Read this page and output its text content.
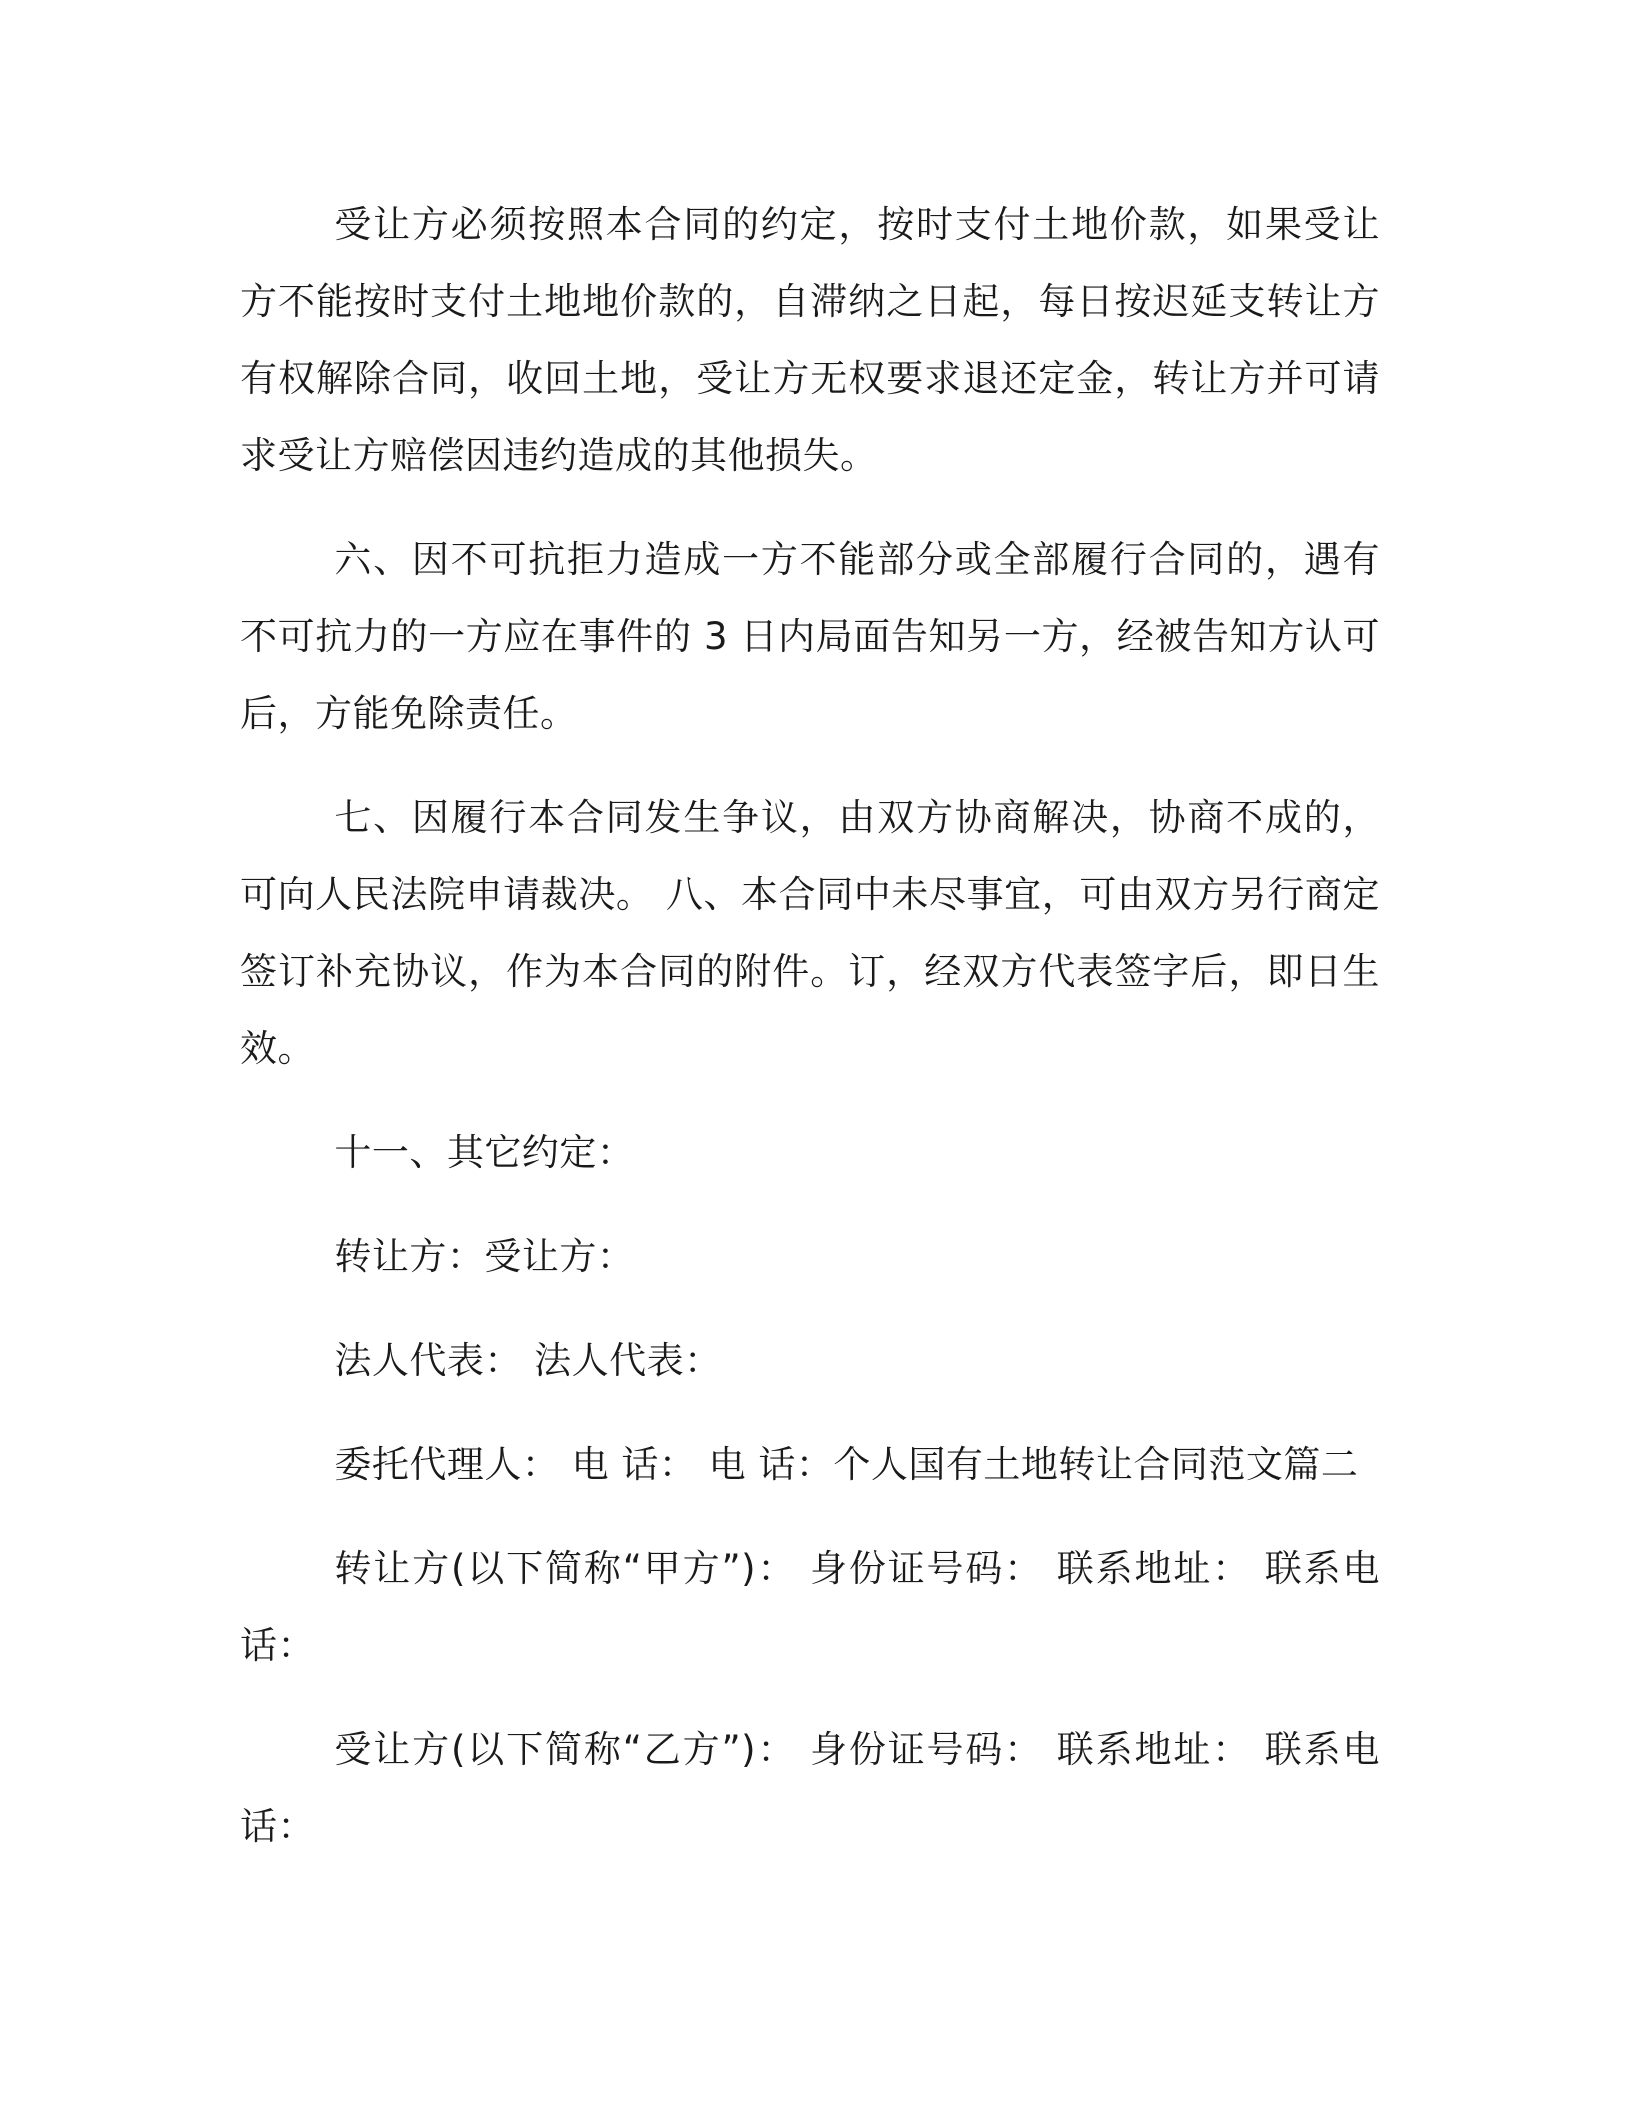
受让方必须按照本合同的约定，按时支付土地价款，如果受让方不能按时支付土地地价款的，自滞纳之日起，每日按迟延支转让方有权解除合同，收回土地，受让方无权要求退还定金，转让方并可请求受让方赔偿因违约造成的其他损失。

六、因不可抗拒力造成一方不能部分或全部履行合同的，遇有不可抗力的一方应在事件的 3 日内局面告知另一方，经被告知方认可后，方能免除责任。

七、因履行本合同发生争议，由双方协商解决，协商不成的，可向人民法院申请裁决。 八、本合同中未尽事宜，可由双方另行商定签订补充协议，作为本合同的附件。订，经双方代表签字后，即日生效。

十一、其它约定：

转让方：受让方：

法人代表： 法人代表：

委托代理人： 电 话： 电 话：个人国有土地转让合同范文篇二

转让方(以下简称“甲方”)： 身份证号码： 联系地址： 联系电话：

受让方(以下简称“乙方”)： 身份证号码： 联系地址： 联系电话：
